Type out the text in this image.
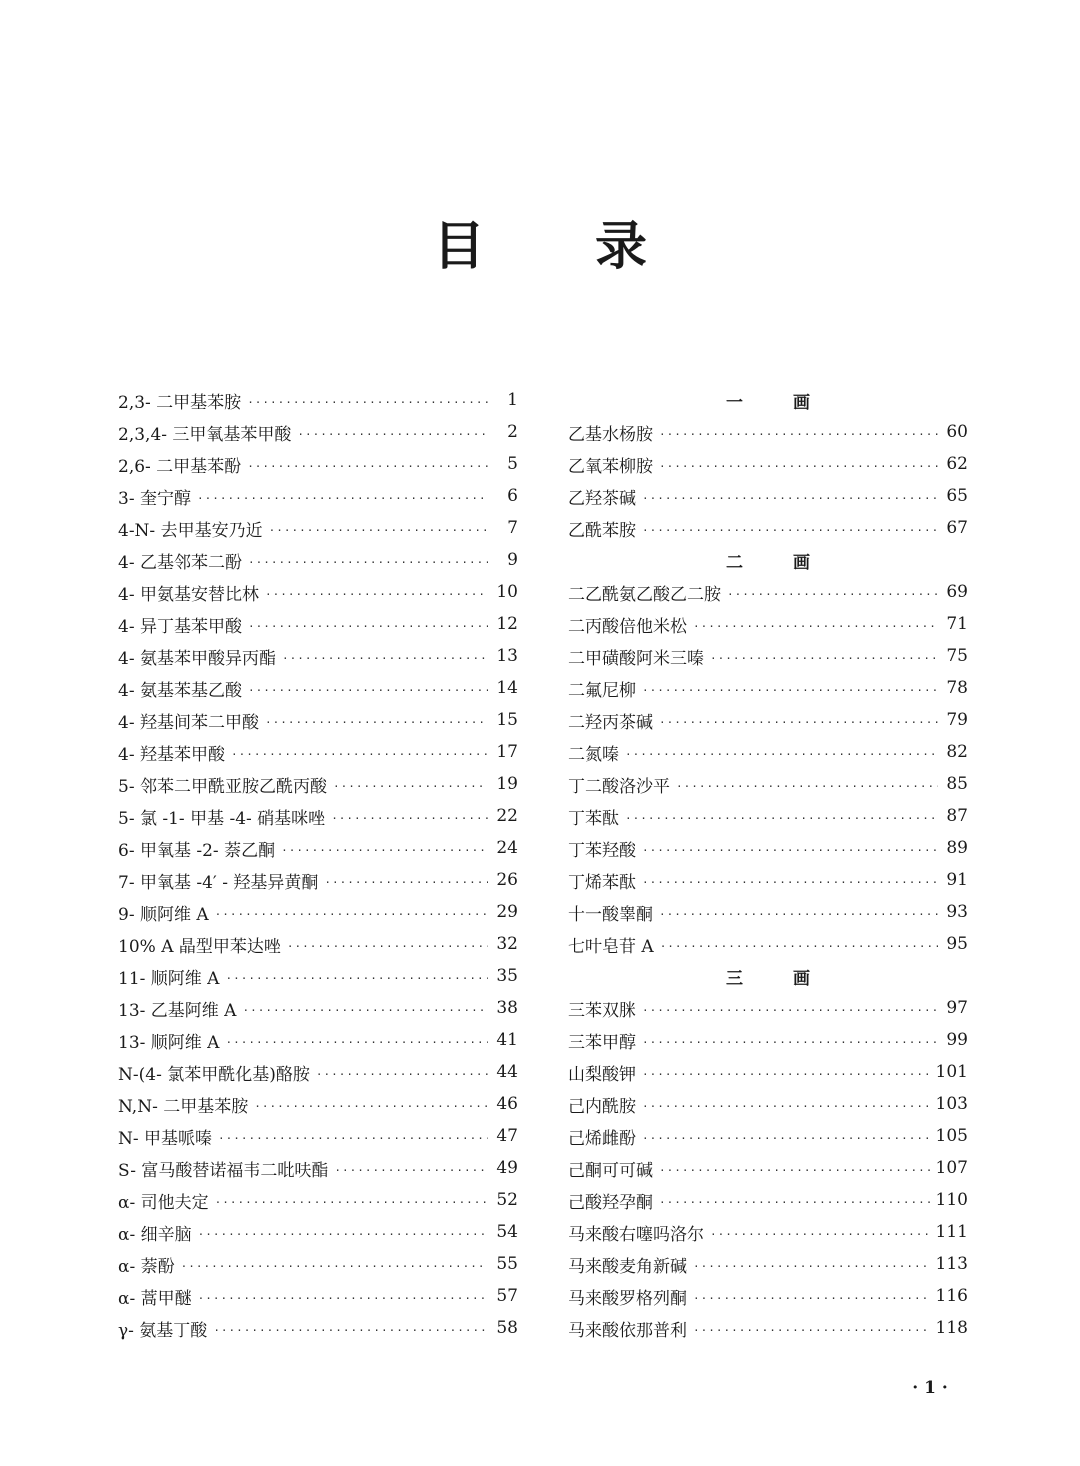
目 录
2,3- 二甲基苯胺 .....	1
2,3,4- 三甲氧基苯甲酸 .....	2
2,6- 二甲基苯酚 .....	5
3- 奎宁醇 .....	6
4-N- 去甲基安乃近 .....	7
4- 乙基邻苯二酚 .....	9
4- 甲氨基安替比林 .....	10
4- 异丁基苯甲酸 .....	12
4- 氨基苯甲酸异丙酯 .....	13
4- 氨基苯基乙酸 .....	14
4- 羟基间苯二甲酸 .....	15
4- 羟基苯甲酸 .....	17
5- 邻苯二甲酰亚胺乙酰丙酸 .....	19
5- 氯 -1- 甲基 -4- 硝基咪唑 .....	22
6- 甲氧基 -2- 萘乙酮 .....	24
7- 甲氧基 -4′ - 羟基异黄酮 .....	26
9- 顺阿维 A .....	29
10% A 晶型甲苯达唑 .....	32
11- 顺阿维 A .....	35
13- 乙基阿维 A .....	38
13- 顺阿维 A .....	41
N-(4- 氯苯甲酰化基)酪胺 .....	44
N,N- 二甲基苯胺 .....	46
N- 甲基哌嗪 .....	47
S- 富马酸替诺福韦二吡呋酯 .....	49
α- 司他夫定 .....	52
α- 细辛脑 .....	54
α- 萘酚 .....	55
α- 蒿甲醚 .....	57
γ- 氨基丁酸 .....	58
一 画
乙基水杨胺 .....	60
乙氧苯柳胺 .....	62
乙羟茶碱 .....	65
乙酰苯胺 .....	67
二 画
二乙酰氨乙酸乙二胺 .....	69
二丙酸倍他米松 .....	71
二甲磺酸阿米三嗪 .....	75
二氟尼柳 .....	78
二羟丙茶碱 .....	79
二氮嗪 .....	82
丁二酸洛沙平 .....	85
丁苯酞 .....	87
丁苯羟酸 .....	89
丁烯苯酞 .....	91
十一酸睾酮 .....	93
七叶皂苷 A .....	95
三 画
三苯双脒 .....	97
三苯甲醇 .....	99
山梨酸钾 .....	101
己内酰胺 .....	103
己烯雌酚 .....	105
己酮可可碱 .....	107
己酸羟孕酮 .....	110
马来酸右噻吗洛尔 .....	111
马来酸麦角新碱 .....	113
马来酸罗格列酮 .....	116
马来酸依那普利 .....	118
· 1 ·
